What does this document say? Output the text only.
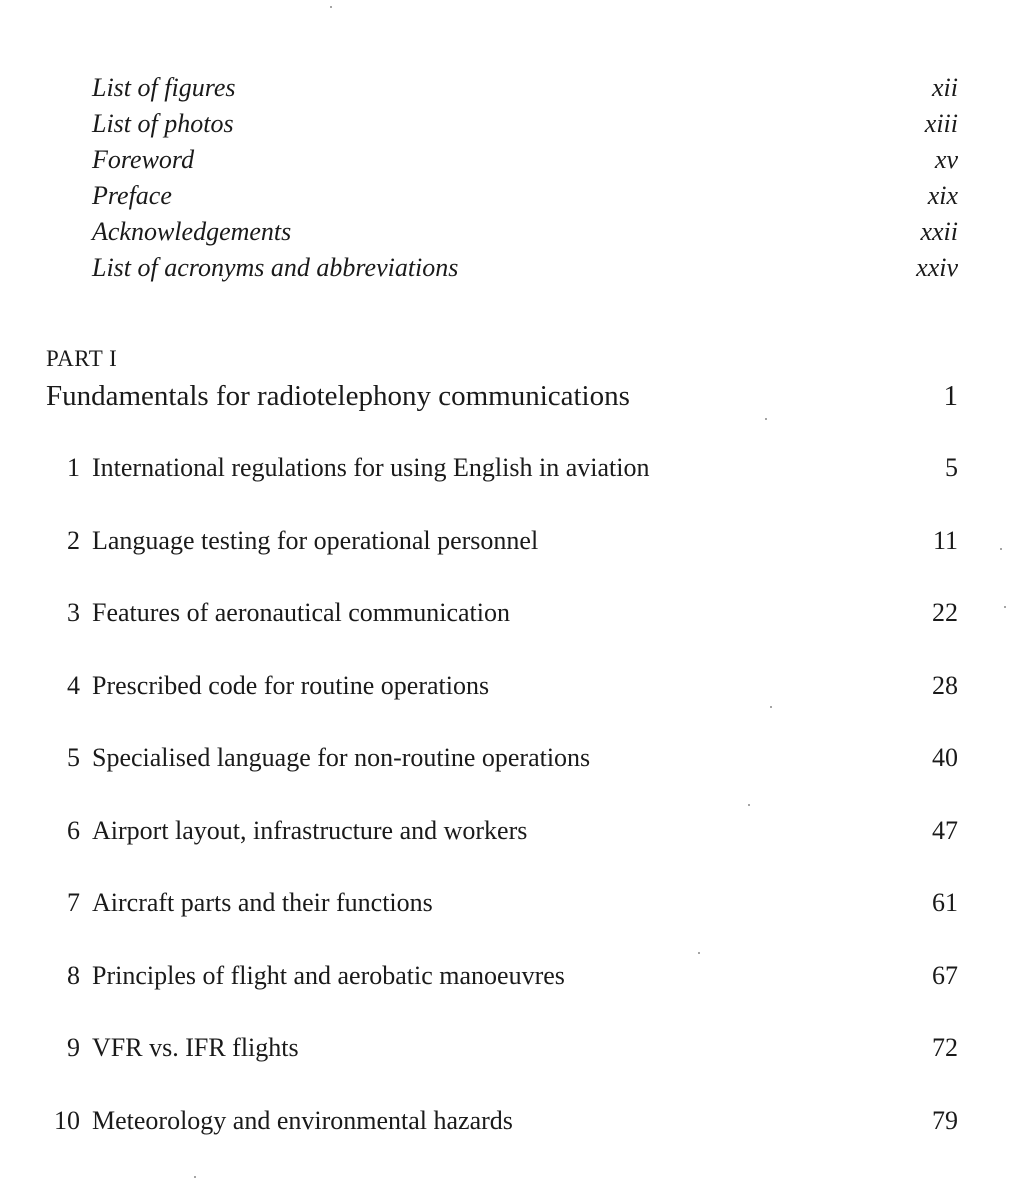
List of figures	xii
List of photos	xiii
Foreword	xv
Preface	xix
Acknowledgements	xxii
List of acronyms and abbreviations	xxiv
PART I
Fundamentals for radiotelephony communications	1
1 International regulations for using English in aviation	5
2 Language testing for operational personnel	11
3 Features of aeronautical communication	22
4 Prescribed code for routine operations	28
5 Specialised language for non-routine operations	40
6 Airport layout, infrastructure and workers	47
7 Aircraft parts and their functions	61
8 Principles of flight and aerobatic manoeuvres	67
9 VFR vs. IFR flights	72
10 Meteorology and environmental hazards	79
